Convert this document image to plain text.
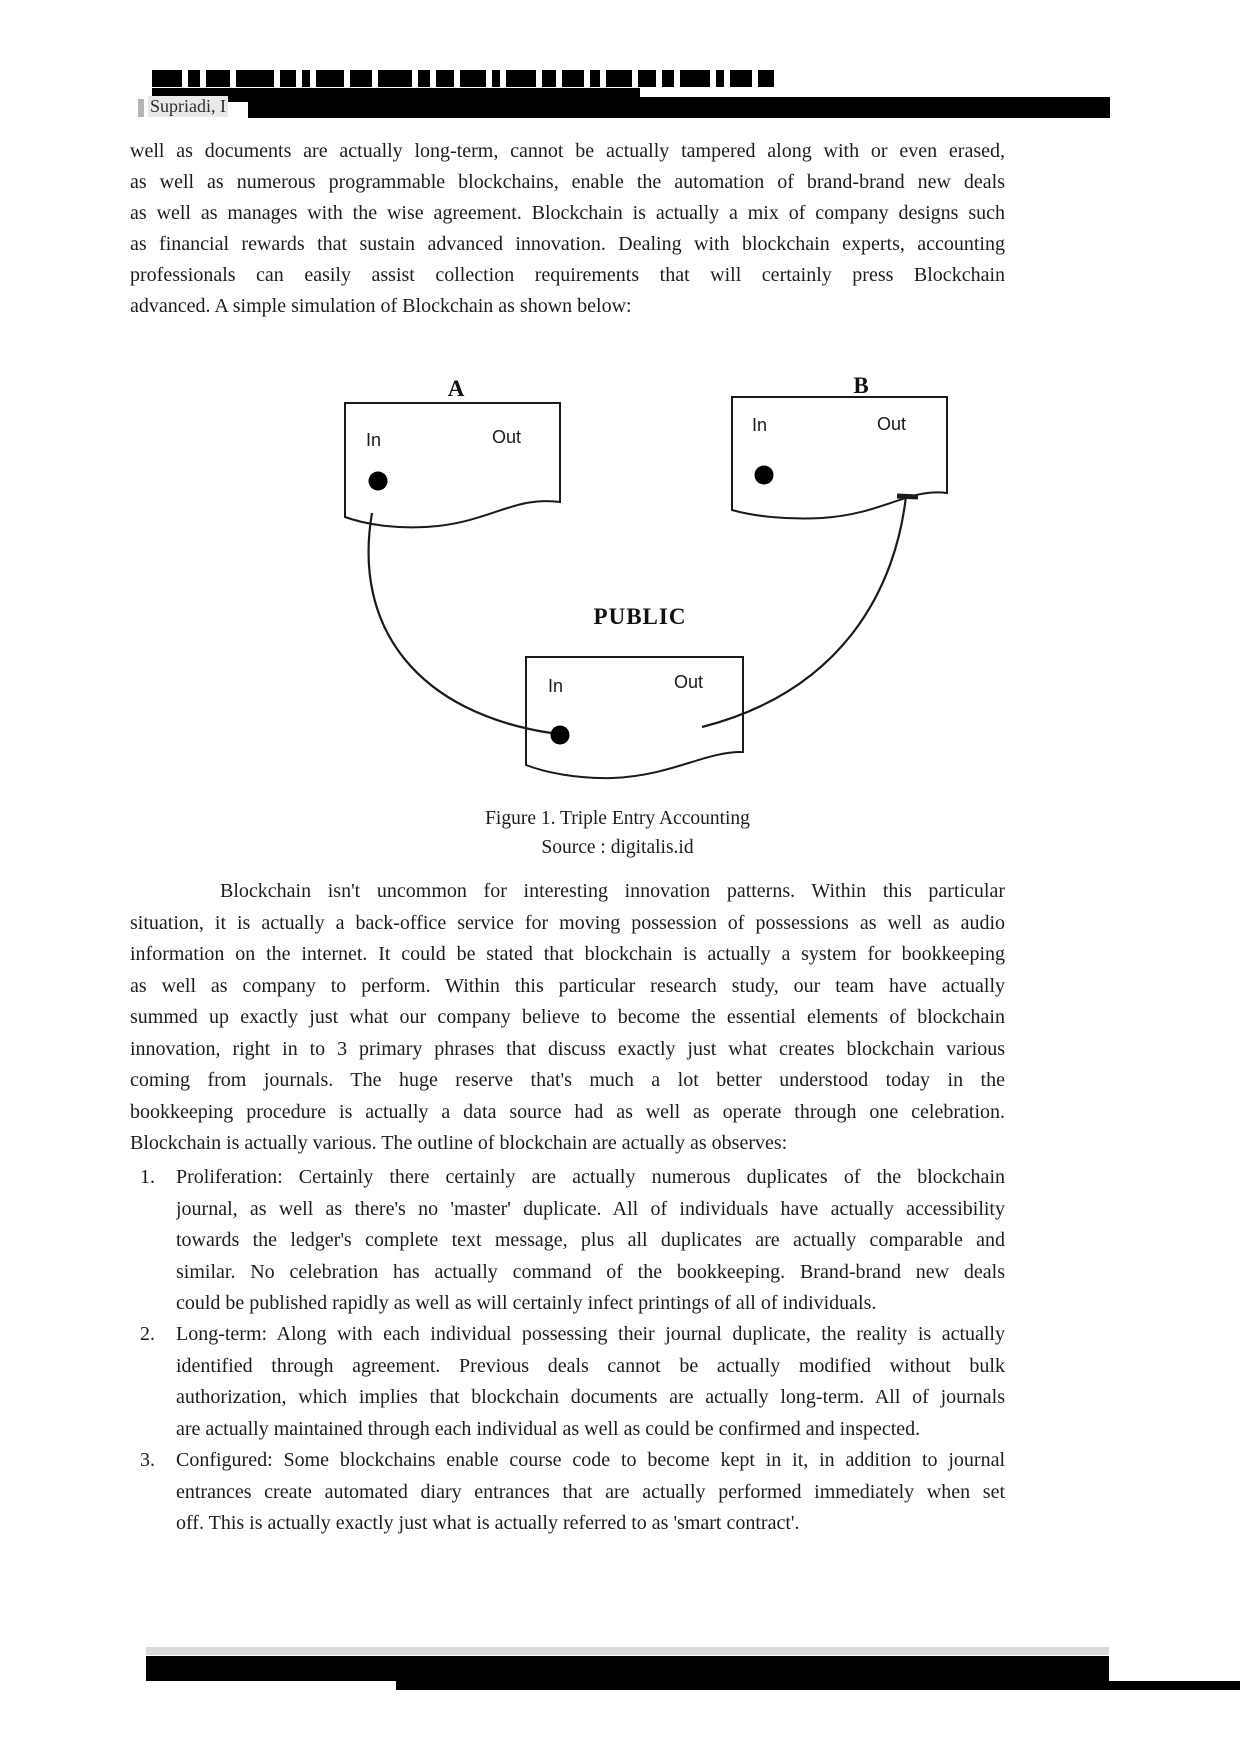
Supriadi, I
well as documents are actually long-term, cannot be actually tampered along with or even erased,
as well as numerous programmable blockchains, enable the automation of brand-brand new deals
as well as manages with the wise agreement. Blockchain is actually a mix of company designs such
as financial rewards that sustain advanced innovation. Dealing with blockchain experts, accounting
professionals can easily assist collection requirements that will certainly press Blockchain
advanced. A simple simulation of Blockchain as shown below:
A
In	Out
B
In	Out
PUBLIC
In	Out
Figure 1. Triple Entry Accounting
Source : digitalis.id
Blockchain isn't uncommon for interesting innovation patterns. Within this particular
situation, it is actually a back-office service for moving possession of possessions as well as audio
information on the internet. It could be stated that blockchain is actually a system for bookkeeping
as well as company to perform. Within this particular research study, our team have actually
summed up exactly just what our company believe to become the essential elements of blockchain
innovation, right in to 3 primary phrases that discuss exactly just what creates blockchain various
coming from journals. The huge reserve that's much a lot better understood today in the
bookkeeping procedure is actually a data source had as well as operate through one celebration.
Blockchain is actually various. The outline of blockchain are actually as observes:
1.	Proliferation: Certainly there certainly are actually numerous duplicates of the blockchain
journal, as well as there's no 'master' duplicate. All of individuals have actually accessibility
towards the ledger's complete text message, plus all duplicates are actually comparable and
similar. No celebration has actually command of the bookkeeping. Brand-brand new deals
could be published rapidly as well as will certainly infect printings of all of individuals.
2.	Long-term: Along with each individual possessing their journal duplicate, the reality is actually
identified through agreement. Previous deals cannot be actually modified without bulk
authorization, which implies that blockchain documents are actually long-term. All of journals
are actually maintained through each individual as well as could be confirmed and inspected.
3.	Configured: Some blockchains enable course code to become kept in it, in addition to journal
entrances create automated diary entrances that are actually performed immediately when set
off. This is actually exactly just what is actually referred to as 'smart contract'.
